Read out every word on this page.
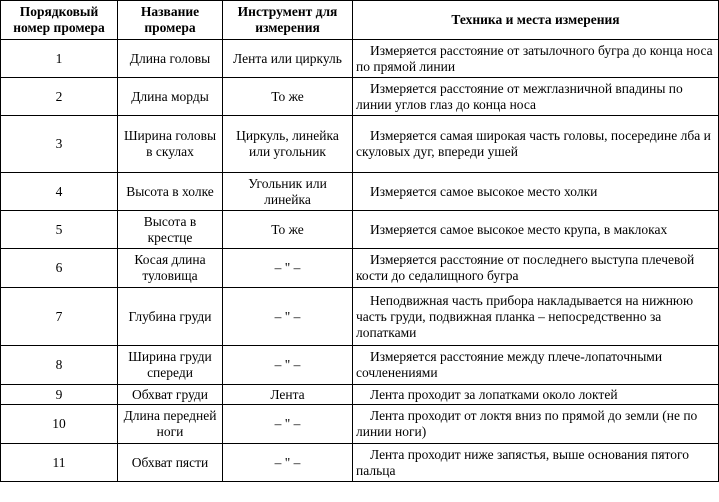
Порядковый номер промера	Название промера	Инструмент для измерения	Техника и места измерения
1	Длина головы	Лента или циркуль	Измеряется расстояние от затылочного бугра до конца носа по прямой линии
2	Длина морды	То же	Измеряется расстояние от межглазничной впадины по линии углов глаз до конца носа
3	Ширина головы в скулах	Циркуль, линейка или угольник	Измеряется самая широкая часть головы, посередине лба и скуловых дуг, впереди ушей
4	Высота в холке	Угольник или линейка	Измеряется самое высокое место холки
5	Высота в крестце	То же	Измеряется самое высокое место крупа, в маклоках
6	Косая длина туловища	– " –	Измеряется расстояние от последнего выступа плечевой кости до седалищного бугра
7	Глубина груди	– " –	Неподвижная часть прибора накладывается на нижнюю часть груди, подвижная планка – непосредственно за лопатками
8	Ширина груди спереди	– " –	Измеряется расстояние между плече-лопаточными сочленениями
9	Обхват груди	Лента	Лента проходит за лопатками около локтей
10	Длина передней ноги	– " –	Лента проходит от локтя вниз по прямой до земли (не по линии ноги)
11	Обхват пясти	– " –	Лента проходит ниже запястья, выше основания пятого пальца
